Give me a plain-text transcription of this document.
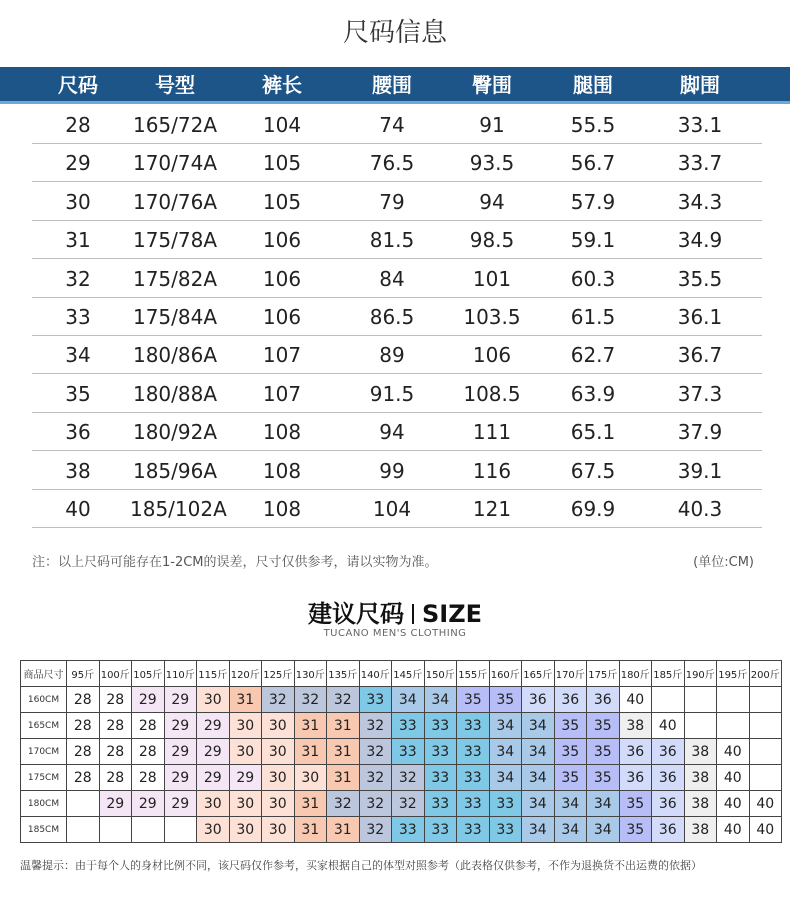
尺码信息
尺码	号型	裤长	腰围	臀围	腿围	脚围
28	165/72A	104	74	91	55.5	33.1
29	170/74A	105	76.5	93.5	56.7	33.7
30	170/76A	105	79	94	57.9	34.3
31	175/78A	106	81.5	98.5	59.1	34.9
32	175/82A	106	84	101	60.3	35.5
33	175/84A	106	86.5	103.5	61.5	36.1
34	180/86A	107	89	106	62.7	36.7
35	180/88A	107	91.5	108.5	63.9	37.3
36	180/92A	108	94	111	65.1	37.9
38	185/96A	108	99	116	67.5	39.1
40	185/102A	108	104	121	69.9	40.3
注：以上尺码可能存在1-2CM的误差，尺寸仅供参考，请以实物为准。	(单位:CM)
建议尺码 SIZE
TUCANO MEN'S CLOTHING
商品尺寸	95斤	100斤	105斤	110斤	115斤	120斤	125斤	130斤	135斤	140斤	145斤	150斤	155斤	160斤	165斤	170斤	175斤	180斤	185斤	190斤	195斤	200斤
160CM	28	28	29	29	30	31	32	32	32	33	34	34	35	35	36	36	36	40				
165CM	28	28	28	29	29	30	30	31	31	32	33	33	33	34	34	35	35	38	40			
170CM	28	28	28	29	29	30	30	31	31	32	33	33	33	34	34	35	35	36	36	38	40	
175CM	28	28	28	29	29	29	30	30	31	32	32	33	33	34	34	35	35	36	36	38	40	
180CM		29	29	29	30	30	30	31	32	32	32	33	33	33	34	34	34	35	36	38	40	40
185CM					30	30	30	31	31	32	33	33	33	33	34	34	34	35	36	38	40	40
温馨提示：由于每个人的身材比例不同，该尺码仅作参考，买家根据自己的体型对照参考（此表格仅供参考，不作为退换货不出运费的依据）
